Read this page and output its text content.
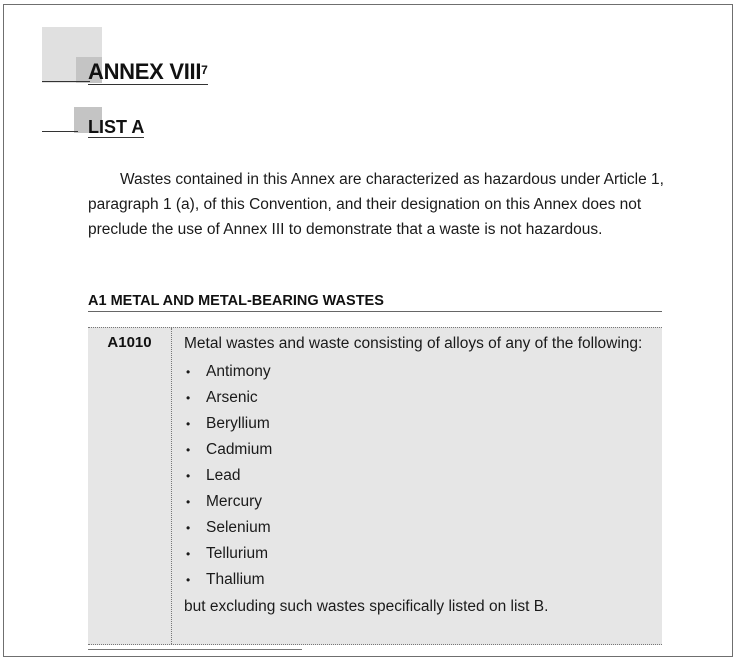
ANNEX VIII$^7$
LIST A

Wastes contained in this Annex are characterized as hazardous under Article 1, paragraph 1 (a), of this Convention, and their designation on this Annex does not preclude the use of Annex III to demonstrate that a waste is not hazardous.

A1 METAL AND METAL-BEARING WASTES
A1010	Metal wastes and waste consisting of alloys of any of the following:

•	Antimony
•	Arsenic
•	Beryllium
•	Cadmium
•	Lead
•	Mercury
•	Selenium
•	Tellurium
•	Thallium

but excluding such wastes specifically listed on list B.
